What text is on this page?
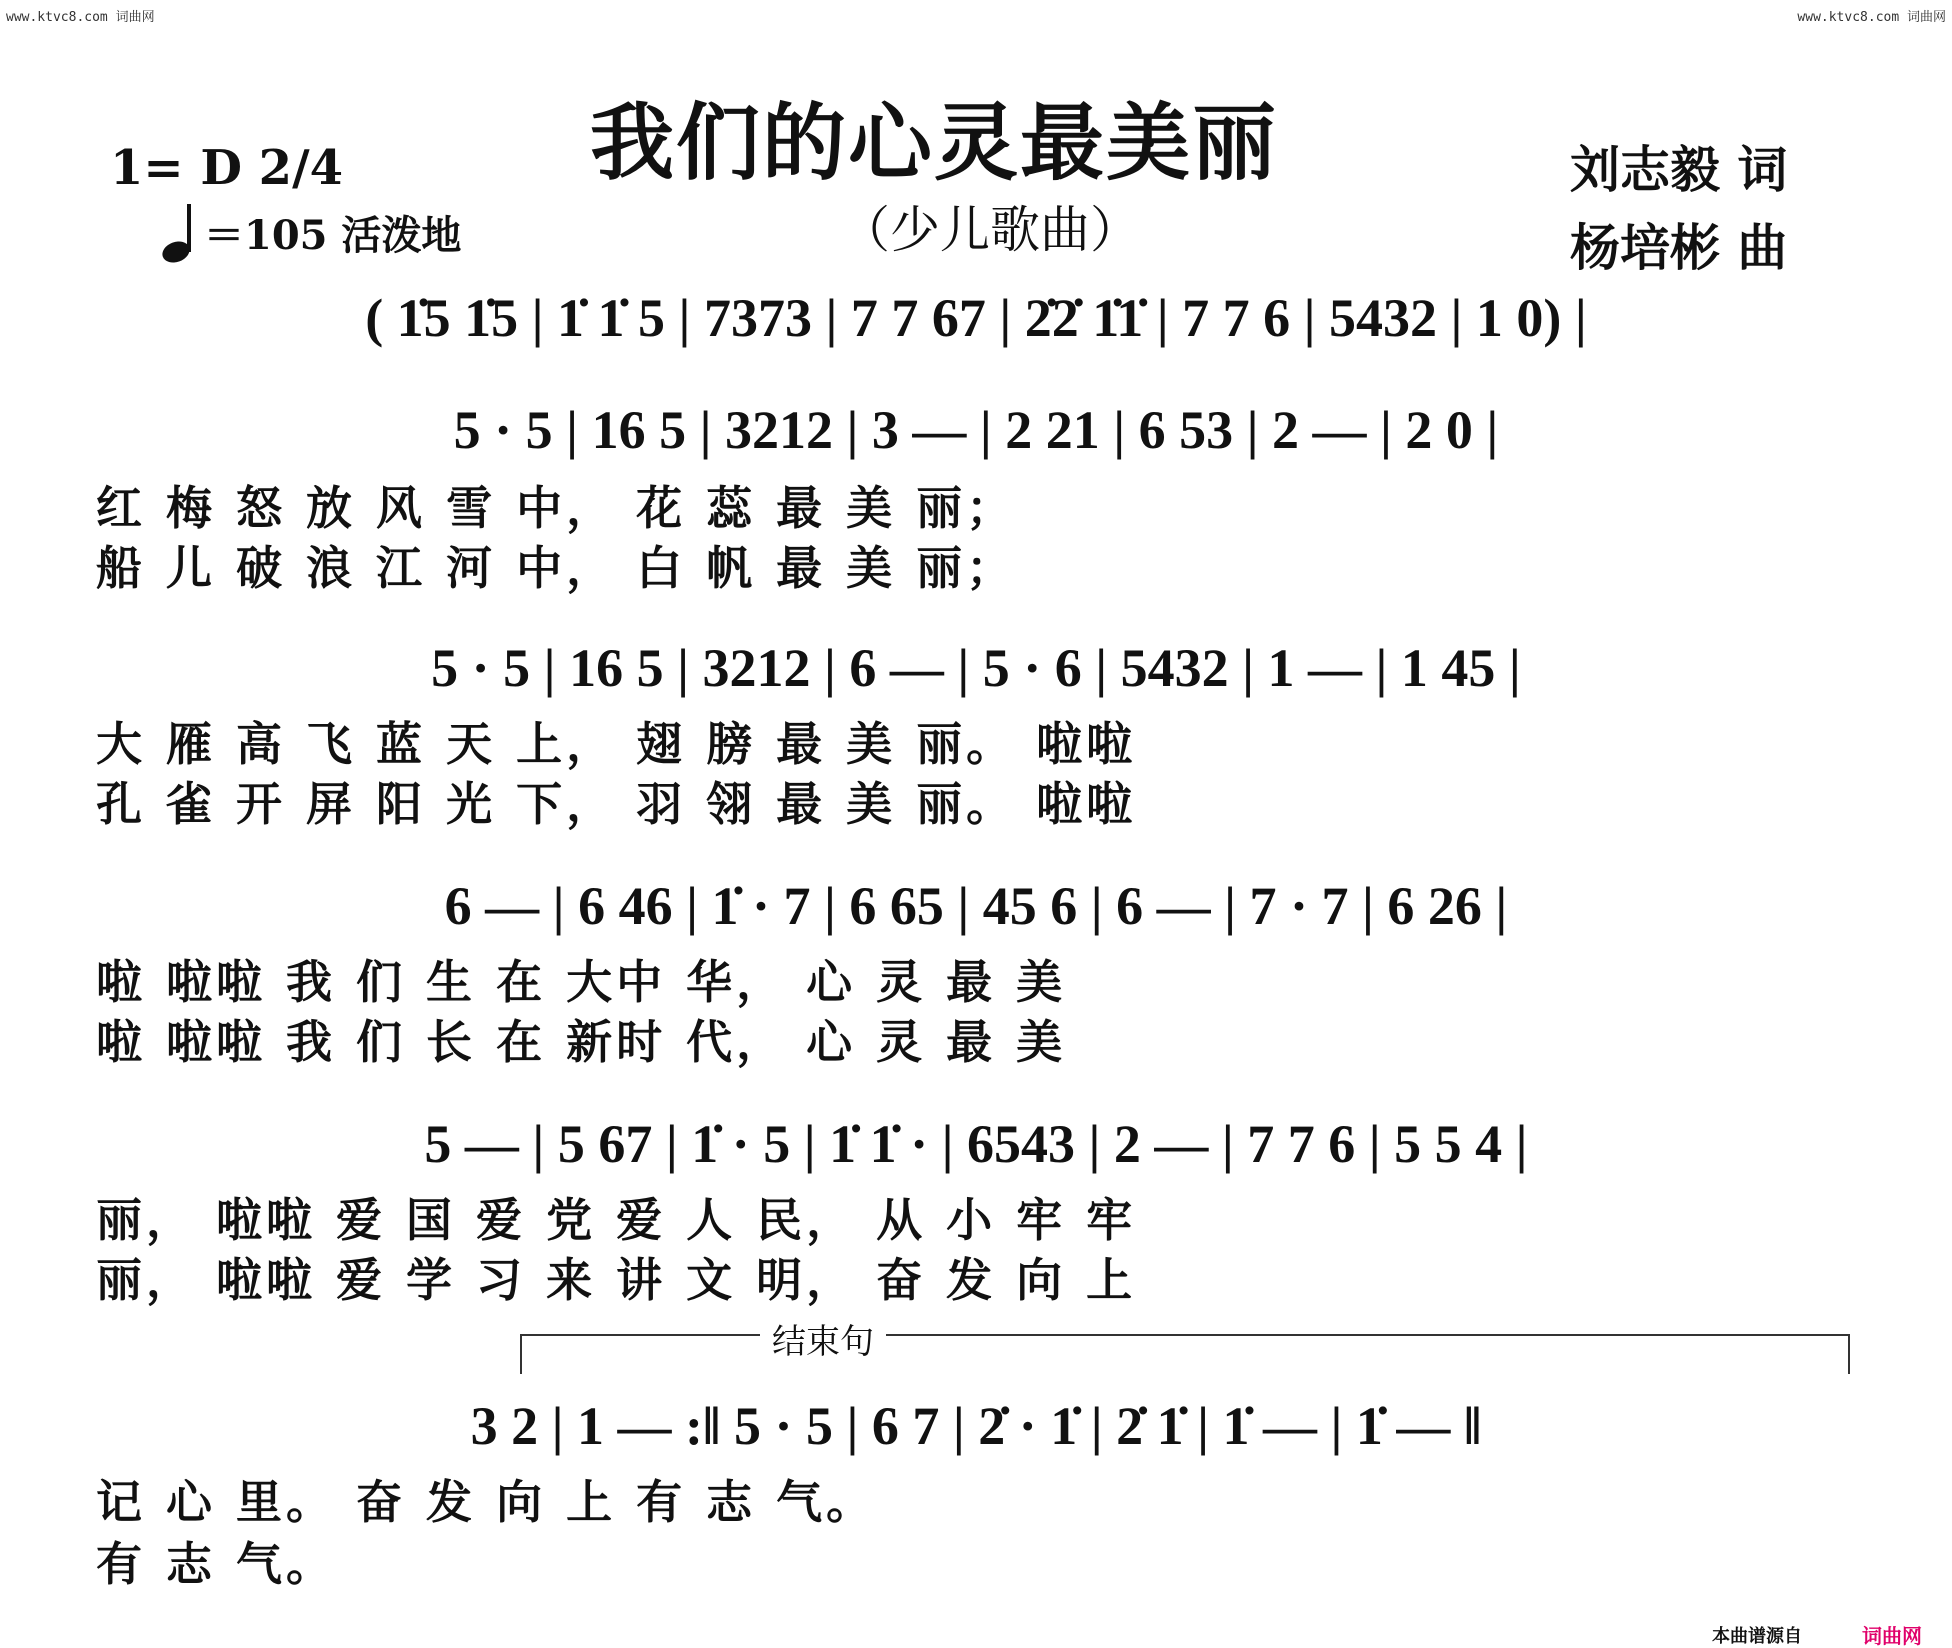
www.ktvc8.com 词曲网	www.ktvc8.com 词曲网
我们的心灵最美丽
（少儿歌曲）
1= D 2/4
＝105 活泼地
刘志毅 词
杨培彬 曲
( 1̇5 1̇5 | 1̇ 1̇ 5 | 7373 | 7 7 67 | 2̇2̇ 1̇1̇ | 7 7 6 | 5432 | 1 0) |
5 · 5 | 16 5 | 3212 | 3 — | 2 21 | 6 53 | 2 — | 2 0 |
红 梅 怒 放 风 雪 中， 花 蕊 最 美 丽；
船 儿 破 浪 江 河 中， 白 帆 最 美 丽；
5 · 5 | 16 5 | 3212 | 6 — | 5 · 6 | 5432 | 1 — | 1 45 |
大 雁 高 飞 蓝 天 上， 翅 膀 最 美 丽。 啦啦
孔 雀 开 屏 阳 光 下， 羽 翎 最 美 丽。 啦啦
6 — | 6 46 | 1̇ · 7 | 6 65 | 45 6 | 6 — | 7 · 7 | 6 26 |
啦 啦啦 我 们 生 在 大中 华， 心 灵 最 美
啦 啦啦 我 们 长 在 新时 代， 心 灵 最 美
5 — | 5 67 | 1̇ · 5 | 1̇ 1̇ · | 6543 | 2 — | 7 7 6 | 5 5 4 |
丽， 啦啦 爱 国 爱 党 爱 人 民， 从 小 牢 牢
丽， 啦啦 爱 学 习 来 讲 文 明， 奋 发 向 上
结束句
3 2 | 1 — :‖ 5 · 5 | 6 7 | 2̇ · 1̇ | 2̇ 1̇ | 1̇ — | 1̇ — ‖
记 心 里。 奋 发 向 上 有 志 气。
有 志 气。
本曲谱源自	词曲网
